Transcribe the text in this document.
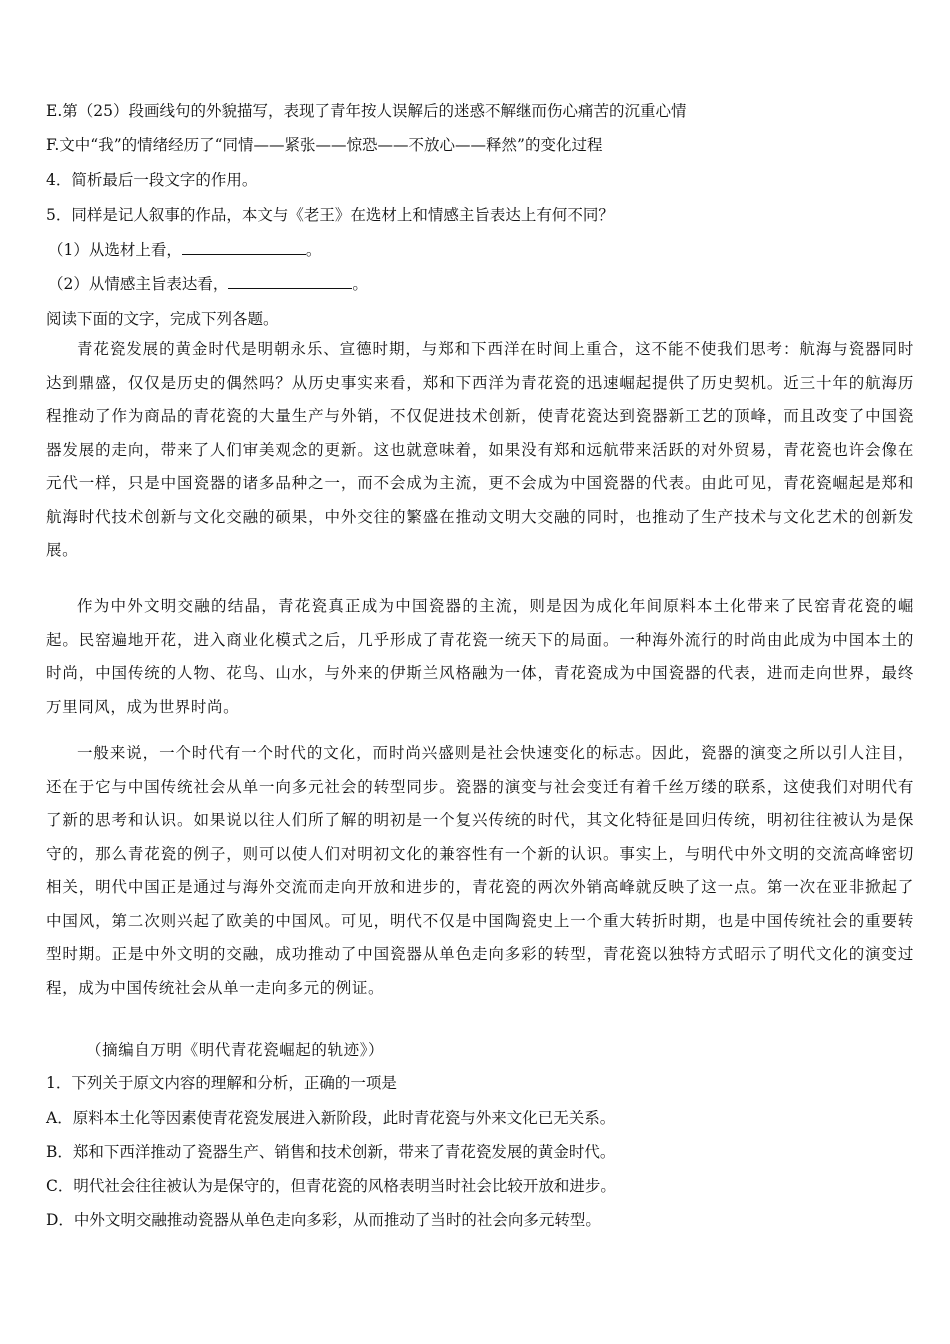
E.第（25）段画线句的外貌描写，表现了青年按人误解后的迷惑不解继而伤心痛苦的沉重心情
F.文中“我”的情绪经历了“同情——紧张——惊恐——不放心——释然”的变化过程
4．简析最后一段文字的作用。
5．同样是记人叙事的作品，本文与《老王》在选材上和情感主旨表达上有何不同？
（1）从选材上看，	。
（2）从情感主旨表达看，	。
阅读下面的文字，完成下列各题。
青花瓷发展的黄金时代是明朝永乐、宣德时期，与郑和下西洋在时间上重合，这不能不使我们思考：航海与瓷器同时达到鼎盛，仅仅是历史的偶然吗？从历史事实来看，郑和下西洋为青花瓷的迅速崛起提供了历史契机。近三十年的航海历程推动了作为商品的青花瓷的大量生产与外销，不仅促进技术创新，使青花瓷达到瓷器新工艺的顶峰，而且改变了中国瓷器发展的走向，带来了人们审美观念的更新。这也就意味着，如果没有郑和远航带来活跃的对外贸易，青花瓷也许会像在元代一样，只是中国瓷器的诸多品种之一，而不会成为主流，更不会成为中国瓷器的代表。由此可见，青花瓷崛起是郑和航海时代技术创新与文化交融的硕果，中外交往的繁盛在推动文明大交融的同时，也推动了生产技术与文化艺术的创新发展。
作为中外文明交融的结晶，青花瓷真正成为中国瓷器的主流，则是因为成化年间原料本土化带来了民窑青花瓷的崛起。民窑遍地开花，进入商业化模式之后，几乎形成了青花瓷一统天下的局面。一种海外流行的时尚由此成为中国本土的时尚，中国传统的人物、花鸟、山水，与外来的伊斯兰风格融为一体，青花瓷成为中国瓷器的代表，进而走向世界，最终万里同风，成为世界时尚。
一般来说，一个时代有一个时代的文化，而时尚兴盛则是社会快速变化的标志。因此，瓷器的演变之所以引人注目，还在于它与中国传统社会从单一向多元社会的转型同步。瓷器的演变与社会变迁有着千丝万缕的联系，这使我们对明代有了新的思考和认识。如果说以往人们所了解的明初是一个复兴传统的时代，其文化特征是回归传统，明初往往被认为是保守的，那么青花瓷的例子，则可以使人们对明初文化的兼容性有一个新的认识。事实上，与明代中外文明的交流高峰密切相关，明代中国正是通过与海外交流而走向开放和进步的，青花瓷的两次外销高峰就反映了这一点。第一次在亚非掀起了中国风，第二次则兴起了欧美的中国风。可见，明代不仅是中国陶瓷史上一个重大转折时期，也是中国传统社会的重要转型时期。正是中外文明的交融，成功推动了中国瓷器从单色走向多彩的转型，青花瓷以独特方式昭示了明代文化的演变过程，成为中国传统社会从单一走向多元的例证。
（摘编自万明《明代青花瓷崛起的轨迹》）
1．下列关于原文内容的理解和分析，正确的一项是
A．原料本土化等因素使青花瓷发展进入新阶段，此时青花瓷与外来文化已无关系。
B．郑和下西洋推动了瓷器生产、销售和技术创新，带来了青花瓷发展的黄金时代。
C．明代社会往往被认为是保守的，但青花瓷的风格表明当时社会比较开放和进步。
D．中外文明交融推动瓷器从单色走向多彩，从而推动了当时的社会向多元转型。
